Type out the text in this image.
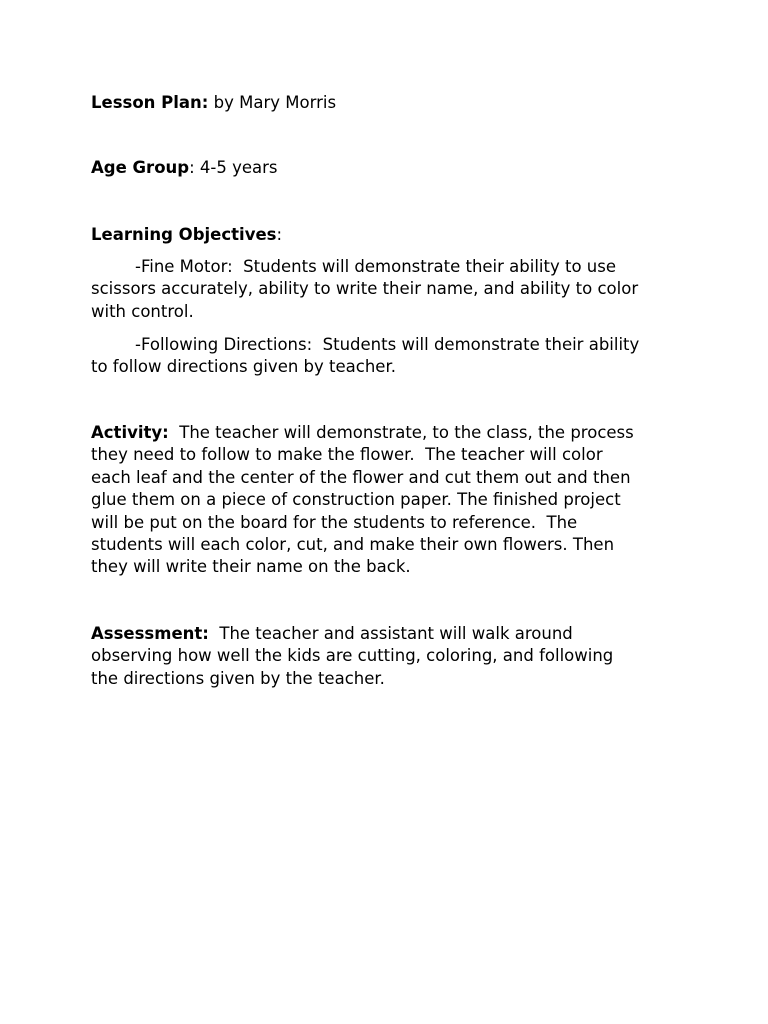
Lesson Plan: by Mary Morris

Age Group: 4-5 years

Learning Objectives:

-Fine Motor:  Students will demonstrate their ability to use
scissors accurately, ability to write their name, and ability to color
with control.

-Following Directions:  Students will demonstrate their ability
to follow directions given by teacher.

Activity:  The teacher will demonstrate, to the class, the process
they need to follow to make the flower.  The teacher will color
each leaf and the center of the flower and cut them out and then
glue them on a piece of construction paper. The finished project
will be put on the board for the students to reference.  The
students will each color, cut, and make their own flowers. Then
they will write their name on the back.

Assessment:  The teacher and assistant will walk around
observing how well the kids are cutting, coloring, and following
the directions given by the teacher.
